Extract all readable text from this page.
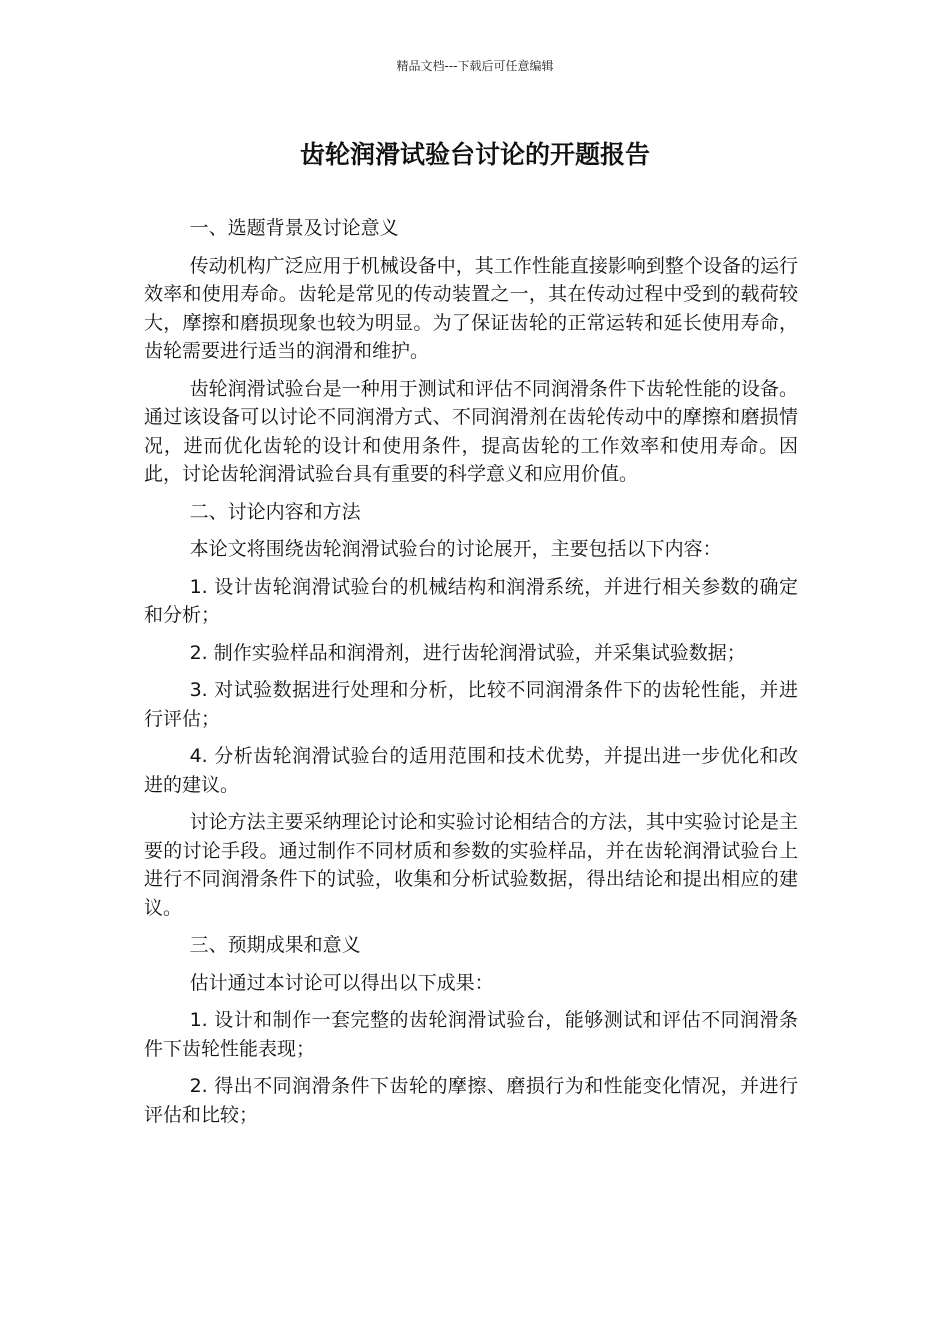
精品文档---下载后可任意编辑
齿轮润滑试验台讨论的开题报告

一、选题背景及讨论意义

传动机构广泛应用于机械设备中，其工作性能直接影响到整个设备的运行效率和使用寿命。齿轮是常见的传动装置之一，其在传动过程中受到的载荷较大，摩擦和磨损现象也较为明显。为了保证齿轮的正常运转和延长使用寿命，齿轮需要进行适当的润滑和维护。

齿轮润滑试验台是一种用于测试和评估不同润滑条件下齿轮性能的设备。通过该设备可以讨论不同润滑方式、不同润滑剂在齿轮传动中的摩擦和磨损情况，进而优化齿轮的设计和使用条件，提高齿轮的工作效率和使用寿命。因此，讨论齿轮润滑试验台具有重要的科学意义和应用价值。

二、讨论内容和方法

本论文将围绕齿轮润滑试验台的讨论展开，主要包括以下内容：

1. 设计齿轮润滑试验台的机械结构和润滑系统，并进行相关参数的确定和分析；

2. 制作实验样品和润滑剂，进行齿轮润滑试验，并采集试验数据；

3. 对试验数据进行处理和分析，比较不同润滑条件下的齿轮性能，并进行评估；

4. 分析齿轮润滑试验台的适用范围和技术优势，并提出进一步优化和改进的建议。

讨论方法主要采纳理论讨论和实验讨论相结合的方法，其中实验讨论是主要的讨论手段。通过制作不同材质和参数的实验样品，并在齿轮润滑试验台上进行不同润滑条件下的试验，收集和分析试验数据，得出结论和提出相应的建议。

三、预期成果和意义

估计通过本讨论可以得出以下成果：

1. 设计和制作一套完整的齿轮润滑试验台，能够测试和评估不同润滑条件下齿轮性能表现；

2. 得出不同润滑条件下齿轮的摩擦、磨损行为和性能变化情况，并进行评估和比较；
